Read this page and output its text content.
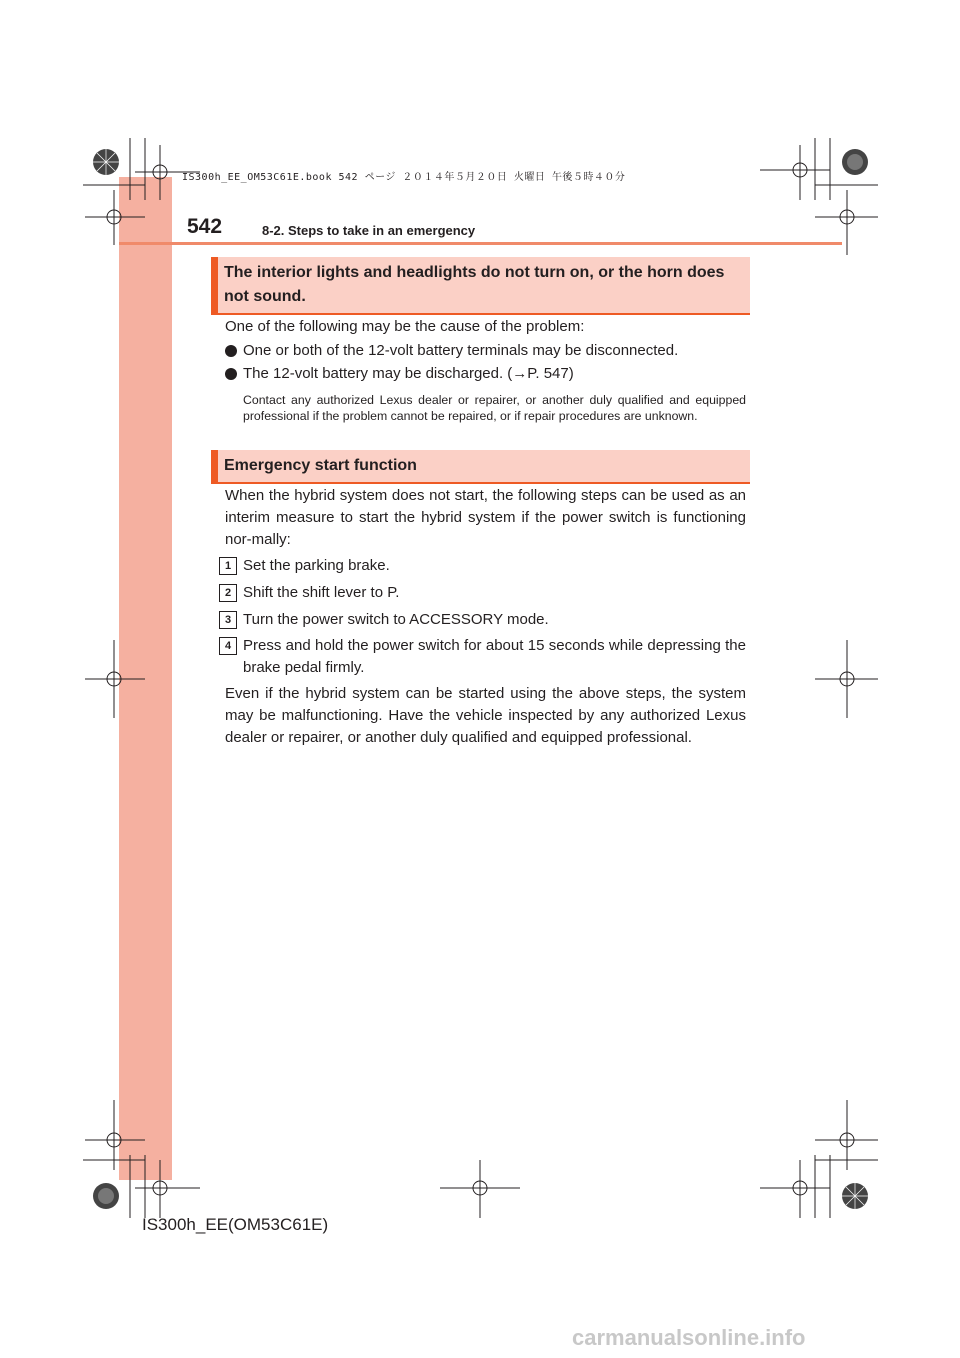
IS300h_EE_OM53C61E.book 542 ページ ２０１４年５月２０日 火曜日 午後５時４０分
542	8-2. Steps to take in an emergency
The interior lights and headlights do not turn on, or the horn does not sound.
One of the following may be the cause of the problem:
One or both of the 12-volt battery terminals may be disconnected.
The 12-volt battery may be discharged. (→P. 547)
Contact any authorized Lexus dealer or repairer, or another duly qualified and equipped professional if the problem cannot be repaired, or if repair procedures are unknown.
Emergency start function
When the hybrid system does not start, the following steps can be used as an interim measure to start the hybrid system if the power switch is functioning nor-mally:
1 Set the parking brake.
2 Shift the shift lever to P.
3 Turn the power switch to ACCESSORY mode.
4 Press and hold the power switch for about 15 seconds while depressing the brake pedal firmly.
Even if the hybrid system can be started using the above steps, the system may be malfunctioning. Have the vehicle inspected by any authorized Lexus dealer or repairer, or another duly qualified and equipped professional.
IS300h_EE(OM53C61E)
carmanualsonline.info
